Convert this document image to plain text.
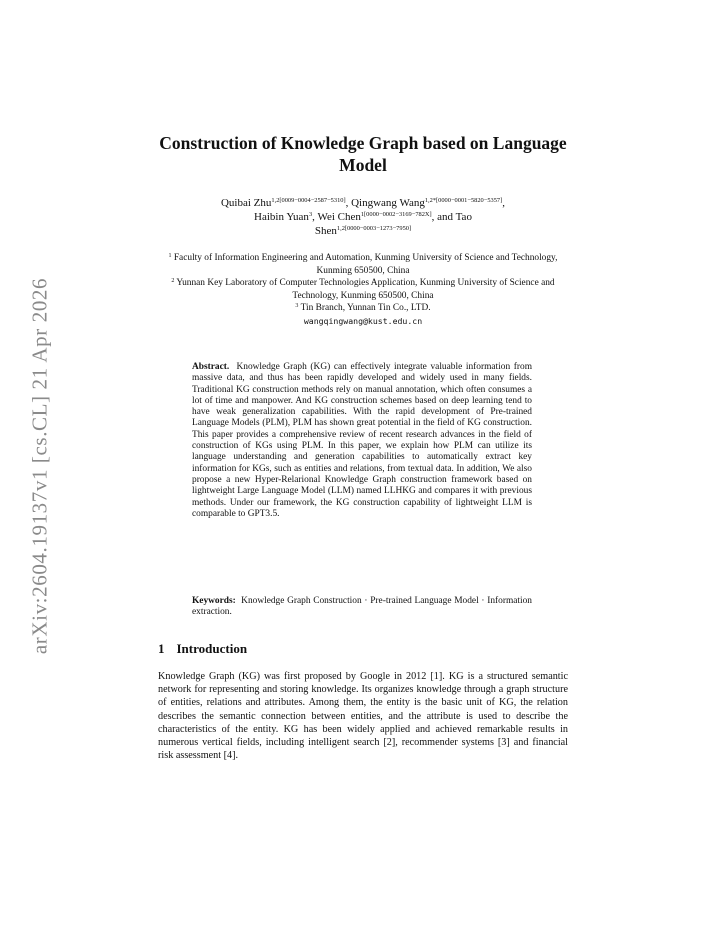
arXiv:2604.19137v1 [cs.CL] 21 Apr 2026
Construction of Knowledge Graph based on Language Model
Quibai Zhu$^{1,2[0009-0004-2587-5310]}$, Qingwang Wang$^{1,2*[0000-0001-5820-5357]}$,
Haibin Yuan$^3$, Wei Chen$^{1[0000-0002-3169-782X]}$, and Tao
Shen$^{1,2[0000-0003-1273-7950]}$
$^1$ Faculty of Information Engineering and Automation, Kunming University of Science and Technology, Kunming 650500, China
$^2$ Yunnan Key Laboratory of Computer Technologies Application, Kunming University of Science and Technology, Kunming 650500, China
$^3$ Tin Branch, Yunnan Tin Co., LTD.
wangqingwang@kust.edu.cn
Abstract. Knowledge Graph (KG) can effectively integrate valuable information from massive data, and thus has been rapidly developed and widely used in many fields. Traditional KG construction methods rely on manual annotation, which often consumes a lot of time and manpower. And KG construction schemes based on deep learning tend to have weak generalization capabilities. With the rapid development of Pre-trained Language Models (PLM), PLM has shown great potential in the field of KG construction. This paper provides a comprehensive review of recent research advances in the field of construction of KGs using PLM. In this paper, we explain how PLM can utilize its language understanding and generation capabilities to automatically extract key information for KGs, such as entities and relations, from textual data. In addition, We also propose a new Hyper-Relarional Knowledge Graph construction framework based on lightweight Large Language Model (LLM) named LLHKG and compares it with previous methods. Under our framework, the KG construction capability of lightweight LLM is comparable to GPT3.5.
Keywords: Knowledge Graph Construction · Pre-trained Language Model · Information extraction.
1 Introduction
Knowledge Graph (KG) was first proposed by Google in 2012 [1]. KG is a structured semantic network for representing and storing knowledge. Its organizes knowledge through a graph structure of entities, relations and attributes. Among them, the entity is the basic unit of KG, the relation describes the semantic connection between entities, and the attribute is used to describe the characteristics of the entity. KG has been widely applied and achieved remarkable results in numerous vertical fields, including intelligent search [2], recommender systems [3] and financial risk assessment [4].
